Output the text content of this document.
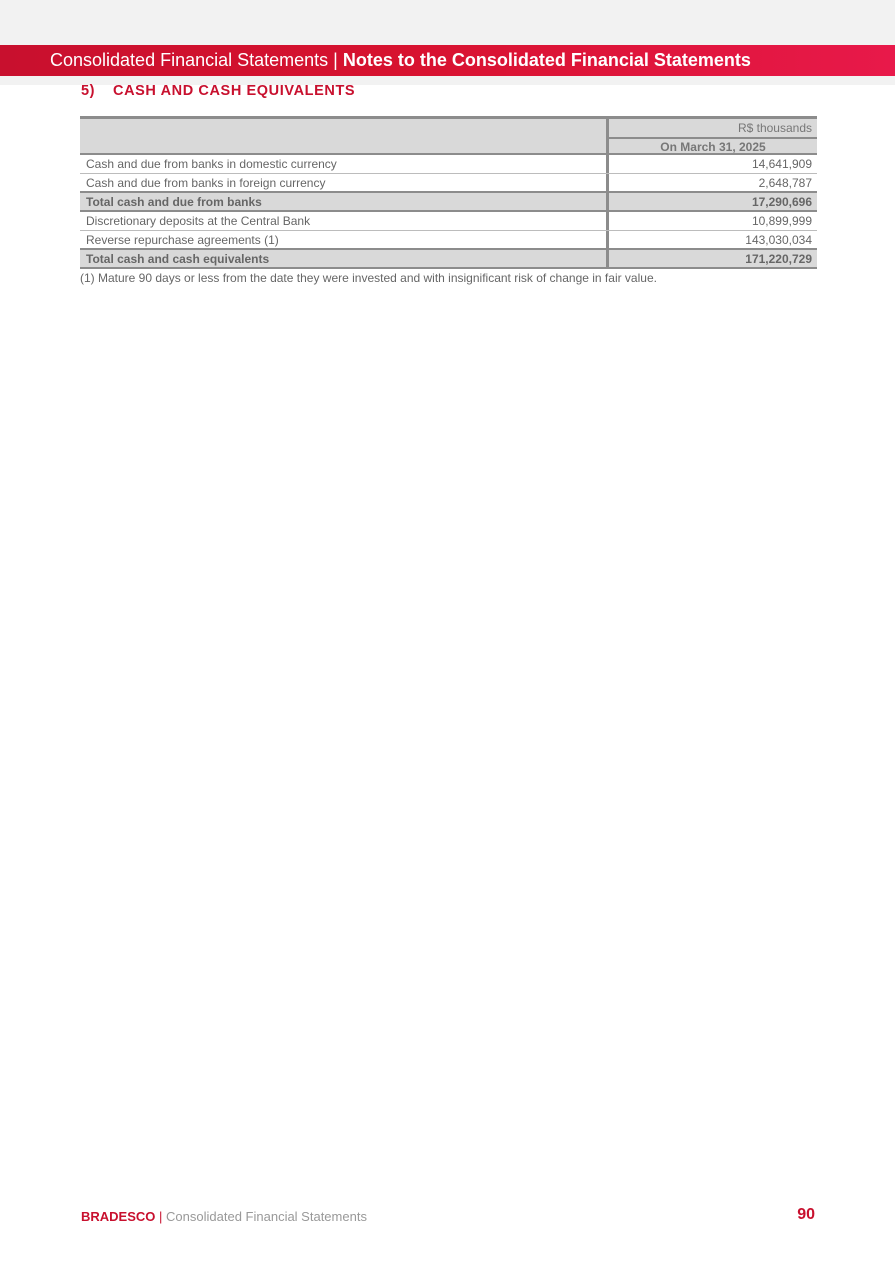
Consolidated Financial Statements | Notes to the Consolidated Financial Statements
5) CASH AND CASH EQUIVALENTS
R$ thousands
On March 31, 2025
Cash and due from banks in domestic currency	14,641,909
Cash and due from banks in foreign currency	2,648,787
Total cash and due from banks	17,290,696
Discretionary deposits at the Central Bank	10,899,999
Reverse repurchase agreements (1)	143,030,034
Total cash and cash equivalents	171,220,729
(1) Mature 90 days or less from the date they were invested and with insignificant risk of change in fair value.
BRADESCO | Consolidated Financial Statements	90
